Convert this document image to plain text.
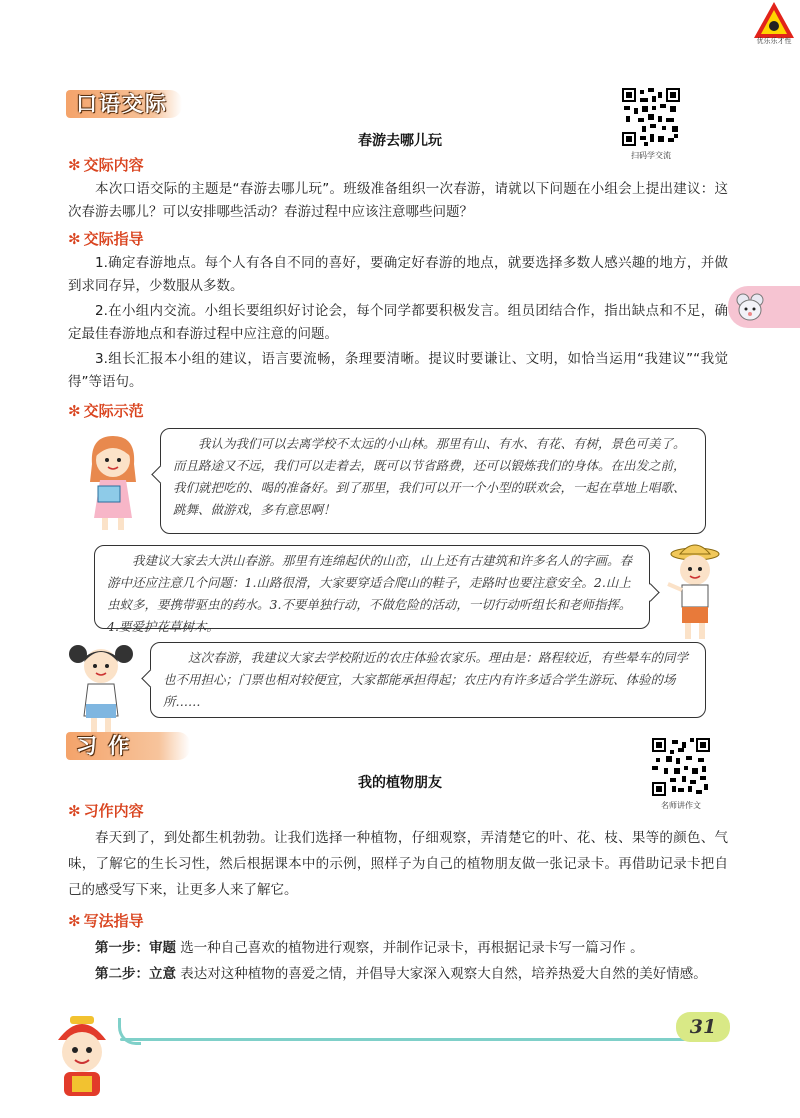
优乐乐才性
口语交际
扫码学交流
春游去哪儿玩
✻ 交际内容
本次口语交际的主题是“春游去哪儿玩”。班级准备组织一次春游，请就以下问题在小组会上提出建议：这次春游去哪儿？可以安排哪些活动？春游过程中应该注意哪些问题？
✻ 交际指导
1.确定春游地点。每个人有各自不同的喜好，要确定好春游的地点，就要选择多数人感兴趣的地方，并做到求同存异，少数服从多数。
2.在小组内交流。小组长要组织好讨论会，每个同学都要积极发言。组员团结合作，指出缺点和不足，确定最佳春游地点和春游过程中应注意的问题。
3.组长汇报本小组的建议，语言要流畅，条理要清晰。提议时要谦让、文明，如恰当运用“我建议”“我觉得”等语句。
✻ 交际示范
我认为我们可以去离学校不太远的小山林。那里有山、有水、有花、有树，景色可美了。而且路途又不远，我们可以走着去，既可以节省路费，还可以锻炼我们的身体。在出发之前，我们就把吃的、喝的准备好。到了那里，我们可以开一个小型的联欢会，一起在草地上唱歌、跳舞、做游戏，多有意思啊！
我建议大家去大洪山春游。那里有连绵起伏的山峦，山上还有古建筑和许多名人的字画。春游中还应注意几个问题：1.山路很滑，大家要穿适合爬山的鞋子，走路时也要注意安全。2.山上虫蚁多，要携带驱虫的药水。3.不要单独行动，不做危险的活动，一切行动听组长和老师指挥。4.要爱护花草树木。
这次春游，我建议大家去学校附近的农庄体验农家乐。理由是：路程较近，有些晕车的同学也不用担心；门票也相对较便宜，大家都能承担得起；农庄内有许多适合学生游玩、体验的场所……
习 作
名师讲作文
我的植物朋友
✻ 习作内容
春天到了，到处都生机勃勃。让我们选择一种植物，仔细观察，弄清楚它的叶、花、枝、果等的颜色、气味，了解它的生长习性，然后根据课本中的示例，照样子为自己的植物朋友做一张记录卡。再借助记录卡把自己的感受写下来，让更多人来了解它。
✻ 写法指导
第一步：审题 选一种自己喜欢的植物进行观察，并制作记录卡，再根据记录卡写一篇习作 。
第二步：立意 表达对这种植物的喜爱之情，并倡导大家深入观察大自然，培养热爱大自然的美好情感。
31
